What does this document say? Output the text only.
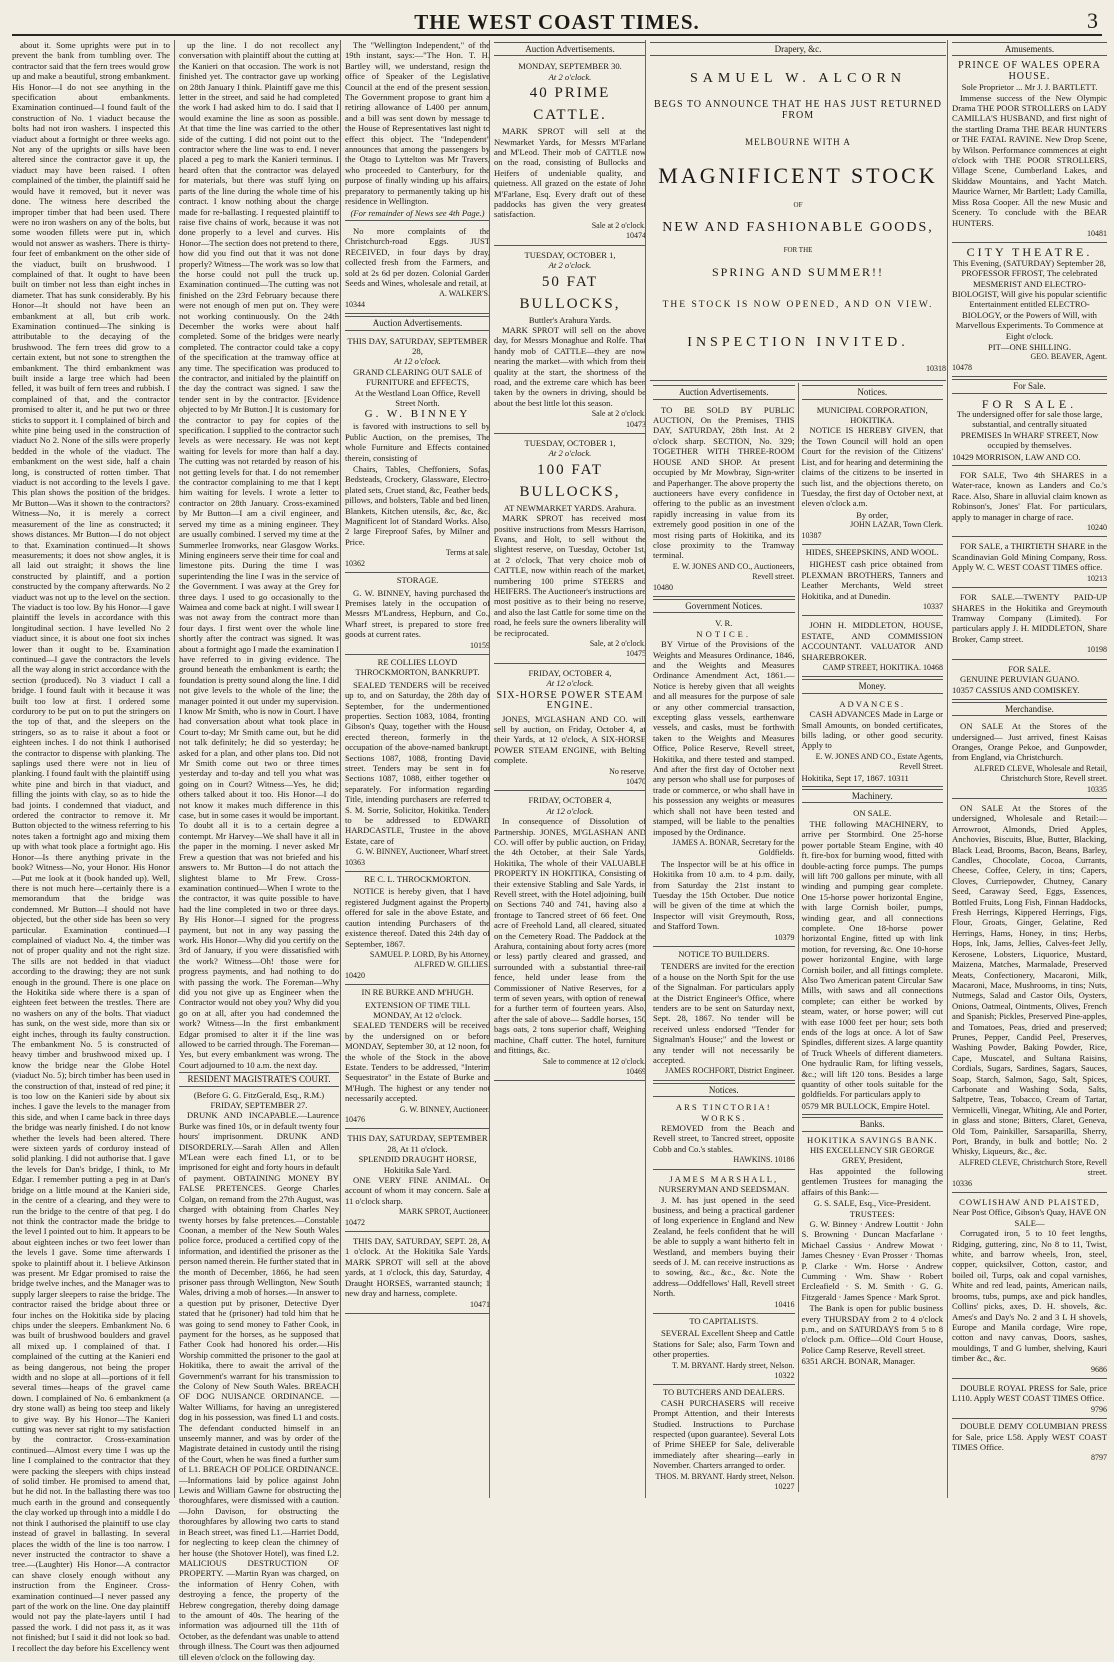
THE WEST COAST TIMES.	3

about it. Some uprights were put in to prevent the bank from tumbling over. The contractor said that the fern trees would grow up and make a beautiful, strong embankment. His Honor—I do not see anything in the specification about embankments. Examination continued—I found fault of the construction of No. 1 viaduct because the bolts had not iron washers. I inspected this viaduct about a fortnight or three weeks ago. Not any of the uprights or sills have been altered since the contractor gave it up, the viaduct may have been raised. I often complained of the timber, the plaintiff said he would have it removed, but it never was done. The witness here described the improper timber that had been used. There were no iron washers on any of the bolts, but some wooden fillets were put in, which would not answer as washers. There is thirty-four feet of embankment on the other side of the viaduct, built on brushwood. I complained of that. It ought to have been built on timber not less than eight inches in diameter. That has sunk considerably. By his Honor—It should not have been an embankment at all, but crib work. Examination continued—The sinking is attributable to the decaying of the brushwood. The fern trees did grow to a certain extent, but not sone to strengthen the embankment. The third embankment was built inside a large tree which had been felled, it was built of fern trees and rubbish. I complained of that, and the contractor promised to alter it, and he put two or three sticks to support it. I complained of birch and white pine being used in the construction of viaduct No 2. None of the sills were properly bedded in the whole of the viaduct. The embankment on the west side, half a chain long, is constructed of rotten timber. That viaduct is not according to the levels I gave. This plan shows the position of the bridges. Mr Button—Was it shown to the contractors? Witness—No, it is merely a correct measurement of the line as constructed; it shows distances. Mr Button—I do not object to that. Examination continued—It shows measurements; it does not show angles, it is all laid out straight; it shows the line constructed by plaintiff, and a portion constructed by the company afterwards. No 2 viaduct was not up to the level on the section. The viaduct is too low. By his Honor—I gave plaintiff the levels in accordance with this longitudinal section. I have levelled No 2 viaduct since, it is about one foot six inches lower than it ought to be. Examination continued—I gave the contractors the levels all the way along in strict accordance with the section (produced). No 3 viaduct I call a bridge. I found fault with it because it was built too low at first. I ordered some cordurory to be put on to put the stringers on the top of that, and the sleepers on the stringers, so as to raise it about a foot or eighteen inches. I do not think I authorised the contractor to dispense with planking. The saplings used there were not in lieu of planking. I found fault with the plaintiff using white pine and birch in that viaduct, and filling the joints with clay, so as to hide the bad joints. I condemned that viaduct, and ordered the contractor to remove it. Mr Button objected to the witness referring to his notes taken a fortnight ago and mixing them up with what took place a fortnight ago. His Honor—Is there anything private in the book? Witness—No, your Honor. His Honor—Put me look at it (book handed up). Well, there is not much here—certainly there is a memorandum that the bridge was condemned. Mr Button—I should not have objected, but the other side has been so very particular. Examination continued—I complained of viaduct No. 4, the timber was not of proper quality and not the right size. The sills are not bedded in that viaduct according to the drawing; they are not sunk enough in the ground. There is one place on the Hokitika side where there is a span of eighteen feet between the trestles. There are no washers on any of the bolts. That viaduct has sunk, on the west side, more than six or eight inches, through its faulty construction. The embankment No. 5 is constructed of heavy timber and brushwood mixed up. I know the bridge near the Globe Hotel (viaduct No. 5); birch timber has been used in the construction of that, instead of red pine; it is too low on the Kanieri side by about six inches. I gave the levels to the manager from this side, and when I came back in three days the bridge was nearly finished. I do not know whether the levels had been altered. There were sixteen yards of corduroy instead of solid planking. I did not authorise that. I gave the levels for Dan's bridge, I think, to Mr Edgar. I remember putting a peg in at Dan's bridge on a little mound at the Kanieri side, in the centre of a clearing, and they were to run the bridge to the centre of that peg. I do not think the contractor made the bridge to the level I pointed out to him. It appears to be about eighteen inches or two feet lower than the levels I gave. Some time afterwards I spoke to plaintiff about it. I believe Atkinson was present. Mr Edgar promised to raise the bridge twelve inches, and the Manager was to supply larger sleepers to raise the bridge. The contractor raised the bridge about three or four inches on the Hokitika side by placing chips under the sleepers. Embankment No. 6 was built of brushwood boulders and gravel all mixed up. I complained of that. I complained of the cutting at the Kanieri end as being dangerous, not being the proper width and no slope at all—portions of it fell several times—heaps of the gravel came down. I complained of No. 6 embankment (a dry stone wall) as being too steep and likely to give way. By his Honor—The Kanieri cutting was never sat right to my satisfaction by the contractor. Cross-examination continued—Almost every time I was up the line I complained to the contractor that they were packing the sleepers with chips instead of solid timber. He promised to amend that, but he did not. In the ballasting there was too much earth in the ground and consequently the clay worked up through into a middle I do not think I authorised the plaintiff to use clay instead of gravel in ballasting. In several places the width of the line is too narrow. I never instructed the contractor to shave a tree.—(Laughter) His Honor—A contractor can shave closely enough without any instruction from the Engineer. Cross-examination continued—I never passed any part of the work on the line. One day plaintiff would not pay the plate-layers until I had passed the work. I did not pass it, as it was not finished; but I said it did not look so bad. I recollect the day before his Excellency went

up the line. I do not recollect any conversation with plaintiff about the cutting at the Kanieri on that occasion. The work is not finished yet. The contractor gave up working on 28th January I think. Plaintiff gave me this letter in the street, and said he had completed the work I had asked him to do. I said that I would examine the line as soon as possible. At that time the line was carried to the other side of the cutting. I did not point out to the contractor where the line was to end. I never placed a peg to mark the Kanieri terminus. I heard often that the contractor was delayed for materials, but there was stuff lying on parts of the line during the whole time of his contract. I know nothing about the charge made for re-ballasting. I requested plaintiff to raise five chains of work, because it was not done properly to a level and curves. His Honor—The section does not pretend to there, how did you find out that it was not done properly? Witness—The work was so low that the horse could not pull the truck up. Examination continued—The cutting was not finished on the 23rd February because there were not enough of men put on. They were not working continuously. On the 24th December the works were about half completed. Some of the bridges were nearly completed. The contractor could take a copy of the specification at the tramway office at any time. The specification was produced to the contractor, and initialed by the plaintiff on the day the contract was signed. I saw the tender sent in by the contractor. [Evidence objected to by Mr Button.] It is customary for the contractor to pay for copies of the specification. I supplied to the contractor such levels as were necessary. He was not kept waiting for levels for more than half a day. The cutting was not retarded by reason of his not getting levels for that. I do not remember the contractor complaining to me that I kept him waiting for levels. I wrote a letter to contractor on 28th January. Cross-examined by Mr Button—I am a civil engineer, and served my time as a mining engineer. They are usually combined. I served my time at the Summerlee Ironworks, near Glasgow Works. Mining engineers serve their time for coal and limestone pits. During the time I was superintending the line I was in the service of the Government. I was away at the Grey for three days. I used to go occasionally to the Waimea and come back at night. I will swear I was not away from the contract more than four days. I first went over the whole line shortly after the contract was signed. It was about a fortnight ago I made the examination I have referred to in giving evidence. The ground beneath the embankment is earth; the foundation is pretty sound along the line. I did not give levels to the whole of the line; the manager pointed it out under my supervision. I know Mr Smith, who is now in Court. I have had conversation about what took place in Court to-day; Mr Smith came out, but he did not talk definitely; he did so yesterday; he asked for a plan, and other plans too. Did not Mr Smith come out two or three times yesterday and to-day and tell you what was going on in Court? Witness—Yes, he did; others talked about it too. His Honor—I do not know it makes much difference in this case, but in some cases it would be important. To doubt all it is to a certain degree a contempt. Mr Harvey—We shall have it all in the paper in the morning. I never asked Mr Frew a question that was not briefed and his answers to. Mr Button—I do not attach the slightest blame to Mr Frew. Cross-examination continued—When I wrote to the the contractor, it was quite possible to have had the line completed in two or three days. By His Honor—I signed for the progress payment, but not in any way passing the work. His Honor—Why did you certify on the 3rd of January, if you were dissatisfied with the work? Witness—Oh! those were for progress payments, and had nothing to do with passing the work. The Foreman—Why did you not give up as Engineer when the Contractor would not obey you? Why did you go on at all, after you had condemned the work? Witness—In the first embankment Edgar promised to alter it if the line was allowed to be carried through. The Foreman—Yes, but every embankment was wrong. The Court adjourned to 10 a.m. the next day.

RESIDENT MAGISTRATE'S COURT.
(Before G. G. FitzGerald, Esq., R.M.)
FRIDAY, SEPTEMBER 27.

DRUNK AND INCAPABLE.—Laurence Burke was fined 10s, or in default twenty four hours' imprisonment. DRUNK AND DISORDERLY.—Sarah Allen and Allen M'Lean were each fined L1, or to be imprisoned for eight and forty hours in default of payment. OBTAINING MONEY BY FALSE PRETENCES. George Charles Colgan, on remand from the 27th August, was charged with obtaining from Charles Ney twenty horses by false pretences.—Constable Coonan, a member of the New South Wales police force, produced a certified copy of the information, and identified the prisoner as the person named therein. He further stated that in the month of December, 1866, he had seen prisoner pass through Wellington, New South Wales, driving a mob of horses.—In answer to a question put by prisoner, Detective Dyer stated that he (prisoner) had told him that he was going to send money to Father Cook, in payment for the horses, as he supposed that Father Cook had honored his order.—His Worship committed the prisoner to the gaol at Hokitika, there to await the arrival of the Government's warrant for his transmission to the Colony of New South Wales. BREACH OF DOG NUISANCE ORDINANCE. —Walter Williams, for having an unregistered dog in his possession, was fined L1 and costs. The defendant conducted himself in an unseemly manner, and was by order of the Magistrate detained in custody until the rising of the Court, when he was fined a further sum of L1. BREACH OF POLICE ORDINANCE.—Informations laid by police against John Lewis and William Gawne for obstructing the thoroughfares, were dismissed with a caution.—John Davison, for obstructing the thoroughfares by allowing two carts to stand in Beach street, was fined L1.—Harriet Dodd, for neglecting to keep clean the chimney of her house (the Shotover Hotel), was fined L2. MALICIOUS DESTRUCTION OF PROPERTY. —Martin Ryan was charged, on the information of Henry Cohen, with destroying a fence, the property of the Hebrew congregation, thereby doing damage to the amount of 40s. The hearing of the information was adjourned till the 11th of October, as the defendant was unable to attend through illness. The Court was then adjourned till eleven o'clock on the following day.

The "Wellington Independent," of the 19th instant, says:—"The Hon. T. H. Bartley will, we understand, resign the office of Speaker of the Legislative Council at the end of the present session. The Government propose to grant him a retiring allowance of L400 per annum, and a bill was sent down by message to the House of Representatives last night to effect this object. The "Independent" announces that among the passengers by the Otago to Lyttelton was Mr Travers, who proceeded to Canterbury, for the purpose of finally winding up his affairs, preparatory to permanently taking up his residence in Wellington.

(For remainder of News see 4th Page.)

No more complaints of the Christchurch-road Eggs. JUST RECEIVED, in four days by dray, collected fresh from the Farmers, and sold at 2s 6d per dozen. Colonial Garden Seeds and Wines, wholesale and retail, at

A. WALKER'S.
10344
Auction Advertisements.
THIS DAY, SATURDAY, SEPTEMBER 28,
At 12 o'clock.
GRAND CLEARING OUT SALE of FURNITURE and EFFECTS,
At the Westland Loan Office, Revell Street North.
G. W. BINNEY

is favored with instructions to sell by Public Auction, on the premises, The whole Furniture and Effects contained therein, consisting of

Chairs, Tables, Cheffoniers, Sofas, Bedsteads, Crockery, Glassware, Electro-plated sets, Cruet stand, &c, Feather beds, pillows, and bolsters, Table and bed linen, Blankets, Kitchen utensils, &c, &c, &c. Magnificent lot of Standard Works. Also, 2 large Fireproof Safes, by Milner and Price.

Terms at sale.
10362
STORAGE.

G. W. BINNEY, having purchased the Premises lately in the occupation of Messrs M'Landress, Hepburn, and Co., Wharf street, is prepared to store free goods at current rates.

10159
RE COLLIES LLOYD THROCKMORTON, BANKRUPT.

SEALED TENDERS will be received up to, and on Saturday, the 28th day of September, for the undermentioned properties. Section 1083, 1084, fronting Gibson's Quay, together with the House erected thereon, formerly in the occupation of the above-named bankrupt. Sections 1087, 1088, fronting Davie street. Tenders may be sent in for Sections 1087, 1088, either together or separately. For information regarding Title, intending purchasers are referred to S. M. Sorrie, Solicitor, Hokitika. Tenders to be addressed to EDWARD HARDCASTLE, Trustee in the above Estate, care of

G. W. BINNEY, Auctioneer, Wharf street.
10363
RE C. L. THROCKMORTON.

NOTICE is hereby given, that I have registered Judgment against the Property offered for sale in the above Estate, and caution intending Purchasers of the existence thereof. Dated this 24th day of September, 1867.

SAMUEL P. LORD, By his Attorney, ALFRED W. GILLIES.
10420
IN RE BURKE AND M'HUGH.
EXTENSION OF TIME TILL MONDAY, At 12 o'clock.

SEALED TENDERS will be received by the undersigned on or before MONDAY, September 30, at 12 noon, for the whole of the Stock in the above Estate. Tenders to be addressed, "Interim Sequestrator" in the Estate of Burke and M'Hugh. The highest or any tender not necessarily accepted.

G. W. BINNEY, Auctioneer.
10476
THIS DAY, SATURDAY, SEPTEMBER 28, At 11 o'clock.
SPLENDID DRAUGHT HORSE, Hokitika Sale Yard.

ONE VERY FINE ANIMAL. On account of whom it may concern. Sale at 11 o'clock sharp.

MARK SPROT, Auctioneer.
10472

THIS DAY, SATURDAY, SEPT. 28, At 1 o'clock. At the Hokitika Sale Yards. MARK SPROT will sell at the above yards, at 1 o'clock, this day, Saturday, 4 Draught HORSES, warranted staunch; 1 new dray and harness, complete.

10471
Auction Advertisements.
MONDAY, SEPTEMBER 30.
At 2 o'clock.
40 PRIME CATTLE.

MARK SPROT will sell at the Newmarket Yards, for Messrs M'Farlane and M'Leod. Their mob of CATTLE now on the road, consisting of Bullocks and Heifers of undeniable quality, and quietness. All grazed on the estate of John M'Farlane, Esq. Every draft out of these paddocks has given the very greatest satisfaction.

Sale at 2 o'clock.
10474
TUESDAY, OCTOBER 1,
At 2 o'clock.
50 FAT BULLOCKS,
Buttler's Arahura Yards.

MARK SPROT will sell on the above day, for Messrs Monaghue and Rolfe. That handy mob of CATTLE—they are now nearing the market—with which from their quality at the start, the shortness of the road, and the extreme care which has been taken by the owners in driving, should be about the best little lot this season.

Sale at 2 o'clock.
10473
TUESDAY, OCTOBER 1,
At 2 o'clock.
100 FAT BULLOCKS,
AT NEWMARKET YARDS. Arahura.

MARK SPROT has received most positive instructions from Messrs Harrison, Evans, and Holt, to sell without the slightest reserve, on Tuesday, October 1st, at 2 o'clock, That very choice mob of CATTLE, now within reach of the market, numbering 100 prime STEERS and HEIFERS. The Auctioneer's instructions are most positive as to their being no reserve, and also the last Cattle for some time on the road, he feels sure the owners liberality will be reciprocated.

Sale, at 2 o'clock.
10475
FRIDAY, OCTOBER 4,
At 12 o'clock.
SIX-HORSE POWER STEAM ENGINE.

JONES, M'GLASHAN AND CO. will sell by auction, on Friday, October 4, at their Yards, at 12 o'clock, A SIX-HORSE POWER STEAM ENGINE, with Belting complete.

No reserve.
10470
FRIDAY, OCTOBER 4,
At 12 o'clock.

In consequence of Dissolution of Partnership. JONES, M'GLASHAN AND CO. will offer by public auction, on Friday, the 4th October, at their Sale Yards, Hokitika, The whole of their VALUABLE PROPERTY IN HOKITIKA, Consisting of their extensive Stabling and Sale Yards, in Revell street, with the Hotel adjoining, built on Sections 740 and 741, having also a frontage to Tancred street of 66 feet. One acre of Freehold Land, all cleared, situated on the Cemetery Road. The Paddock at the Arahura, containing about forty acres (more or less) partly cleared and grassed, and surrounded with a substantial three-rail fence, held under lease from the Commissioner of Native Reserves, for a term of seven years, with option of renewal for a further term of fourteen years. Also, after the sale of above— Saddle horses, 150 bags oats, 2 tons superior chaff, Weighing machine, Chaff cutter. The hotel, furniture and fittings, &c.

Sale to commence at 12 o'clock.
10469
Drapery, &c.
SAMUEL W. ALCORN
BEGS TO ANNOUNCE THAT HE HAS JUST RETURNED FROM
MELBOURNE WITH A
MAGNIFICENT STOCK
OF
NEW AND FASHIONABLE GOODS,
FOR THE
SPRING AND SUMMER!!
THE STOCK IS NOW OPENED, AND ON VIEW.
INSPECTION INVITED.
10318
Auction Advertisements.

TO BE SOLD BY PUBLIC AUCTION, On the Premises, THIS DAY, SATURDAY, 28th Inst. At 2 o'clock sharp. SECTION, No. 329; TOGETHER WITH THREE-ROOM HOUSE AND SHOP. At present occupied by Mr Mowbray, Sign-writer and Paperhanger. The above property the auctioneers have every confidence in offering to the public as an investment rapidly increasing in value from its extremely good position in one of the most rising parts of Hokitika, and its close proximity to the Tramway terminal.

E. W. JONES AND CO., Auctioneers, Revell street.
10480
Government Notices.
V. R.
NOTICE.

BY Virtue of the Provisions of the Weights and Measures Ordinance, 1846, and the Weights and Measures Ordinance Amendment Act, 1861.—Notice is hereby given that all weights and all measures for the purpose of sale or any other commercial transaction, excepting glass vessels, earthenware vessels, and casks, must be forthwith taken to the Weights and Measures Office, Police Reserve, Revell street, Hokitika, and there tested and stamped. And after the first day of October next any person who shall use for purposes of trade or commerce, or who shall have in his possession any weights or measures which shall not have been tested and stamped, will be liable to the penalties imposed by the Ordinance.

JAMES A. BONAR, Secretary for the Goldfields.

The Inspector will be at his office in Hokitika from 10 a.m. to 4 p.m. daily, from Saturday the 21st instant to Tuesday the 15th October. Due notice will be given of the time at which the Inspector will visit Greymouth, Ross, and Stafford Town.

10379
NOTICE TO BUILDERS.

TENDERS are invited for the erection of a house on the North Spit for the use of the Signalman. For particulars apply at the District Engineer's Office, where tenders are to be sent on Saturday next, Sept. 28, 1867. No tender will be received unless endorsed "Tender for Signalman's House;" and the lowest or any tender will not necessarily be accepted.

JAMES ROCHFORT, District Engineer.
Notices.
ARS TINCTORIA! WORKS.

REMOVED from the Beach and Revell street, to Tancred street, opposite Cobb and Co.'s stables.

HAWKINS. 10186
JAMES MARSHALL,
NURSERYMAN AND SEEDSMAN.

J. M. has just opened in the seed business, and being a practical gardener of long experience in England and New Zealand, he feels confident that he will be able to supply a want hitherto felt in Westland, and members buying their seeds of J. M. can receive instructions as to sowing, &c., &c., &c. Note the address—Oddfellows' Hall, Revell street North.

10416
TO CAPITALISTS.

SEVERAL Excellent Sheep and Cattle Stations for Sale; also, Farm Town and other properties.

T. M. BRYANT. Hardy street, Nelson.
10322
TO BUTCHERS AND DEALERS.

CASH PURCHASERS will receive Prompt Attention, and their Interests Studied. Instructions to Purchase respected (upon guarantee). Several Lots of Prime SHEEP for Sale, deliverable immediately after shearing—early in November. Charters arranged to order.

THOS. M. BRYANT. Hardy street, Nelson.
10227
Notices.
MUNICIPAL CORPORATION, HOKITIKA.

NOTICE IS HEREBY GIVEN, that the Town Council will hold an open Court for the revision of the Citizens' List, and for hearing and determining the claims of the citizens to be inserted in such list, and the objections thereto, on Tuesday, the first day of October next, at eleven o'clock a.m.

By order,
JOHN LAZAR, Town Clerk.
10387
HIDES, SHEEPSKINS, AND WOOL.

HIGHEST cash price obtained from PLEXMAN BROTHERS, Tanners and Leather Merchants, Weld street Hokitika, and at Dunedin.

10337

JOHN H. MIDDLETON, HOUSE, ESTATE, AND COMMISSION ACCOUNTANT. VALUATOR AND SHAREBROKER.

CAMP STREET, HOKITIKA. 10468
Money.
ADVANCES.

CASH ADVANCES Made in Large or Small Amounts, on bonded certificates, bills lading, or other good security. Apply to

E. W. JONES AND CO., Estate Agents, Revell Street.
Hokitika, Sept 17, 1867. 10311
Machinery.
ON SALE.

THE following MACHINERY, to arrive per Stormbird. One 25-horse power portable Steam Engine, with 40 ft. fire-box for burning wood, fitted with double-acting force pumps. The pumps will lift 700 gallons per minute, with all winding and pumping gear complete. One 15-horse power horizontal Engine, with large Cornish boiler, pumps, winding gear, and all connections complete. One 18-horse power horizontal Engine, fitted up with link motion, for reversing, &c. One 10-horse power horizontal Engine, with large Cornish boiler, and all fittings complete. Also Two American patent Circular Saw Mills, with saws and all connections complete; can either be worked by steam, water, or horse power; will cut with ease 1000 feet per hour; sets both ends of the logs at once. A lot of Saw Spindles, different sizes. A large quantity of Truck Wheels of different diameters. One hydraulic Ram, for lifting vessels, &c.; will lift 120 tons. Besides a large quantity of other tools suitable for the goldfields. For particulars apply to

0579 MR BULLOCK, Empire Hotel.
Banks.
HOKITIKA SAVINGS BANK.
HIS EXCELLENCY SIR GEORGE GREY, President,

Has appointed the following gentlemen Trustees for managing the affairs of this Bank:—

G. S. SALE, Esq., Vice-President.
TRUSTEES:

G. W. Binney · Andrew Louttit · John S. Browning · Duncan Macfarlane · Michael Cassius · Andrew Mowat · James Chesney · Evan Prosser · Thomas P. Clarke · Wm. Horse · Andrew Cumming · Wm. Shaw · Robert Ercleafield · S. M. Smith · G. G. Fitzgerald · James Spence · Mark Sprot.

The Bank is open for public business every THURSDAY from 2 to 4 o'clock p.m., and on SATURDAYS from 5 to 8 o'clock p.m. Office—Old Court House, Police Camp Reserve, Revell street.

6351 ARCH. BONAR, Manager.
Amusements.
PRINCE OF WALES OPERA HOUSE.
Sole Proprietor ... Mr J. J. BARTLETT.

Immense success of the New Olympic Drama THE POOR STROLLERS on LADY CAMILLA'S HUSBAND, and first night of the startling Drama THE BEAR HUNTERS or THE FATAL RAVINE. New Drop Scene, by Wilson. Performance commences at eight o'clock with THE POOR STROLLERS, Village Scene, Cumberland Lakes, and Skiddaw Mountains, and Yacht Match. Maurice Warner, Mr Bartlett; Lady Camilla, Miss Rosa Cooper. All the new Music and Scenery. To conclude with the BEAR HUNTERS.

10481
CITY THEATRE.

This Evening, (SATURDAY) September 28, PROFESSOR FFROST, The celebrated MESMERIST AND ELECTRO-BIOLOGIST, Will give his popular scientific Entertainment entitled ELECTRO-BIOLOGY, or the Powers of Will, with Marvellous Experiments. To Commence at Eight o'clock.

PIT—ONE SHILLING.
GEO. BEAVER, Agent.
10478
For Sale.
FOR SALE.

The undersigned offer for sale those large, substantial, and centrally situated PREMISES In WHARF STREET, Now occupied by themselves.

10429 MORRISON, LAW AND CO.

FOR SALE, Two 4th SHARES in a Water-race, known as Landers and Co.'s Race. Also, Share in alluvial claim known as Robinson's, Jones' Flat. For particulars, apply to manager in charge of race.

10240

FOR SALE, a THIRTIETH SHARE in the Scandinavian Gold Mining Company, Ross. Apply W. C. WEST COAST TIMES office.

10213

FOR SALE.—TWENTY PAID-UP SHARES in the Hokitika and Greymouth Tramway Company (Limited). For particulars apply J. H. MIDDLETON, Share Broker, Camp street.

10198
FOR SALE.

GENUINE PERUVIAN GUANO.

10357 CASSIUS AND COMISKEY.
Merchandise.

ON SALE At the Stores of the undersigned— Just arrived, finest Kaisas Oranges, Orange Pekoe, and Gunpowder, from England, via Christchurch.

ALFRED CLEVE, Wholesale and Retail, Christchurch Store, Revell street.
10335

ON SALE At the Stores of the undersigned, Wholesale and Retail:— Arrowroot, Almonds, Dried Apples, Anchovies, Biscuits, Blue, Butter, Blacking, Black Lead, Brooms, Bacon, Beans, Barley, Candles, Chocolate, Cocoa, Currants, Cheese, Coffee, Celery, in tins; Capers, Cloves, Curriepowder, Chutney, Canary Seed, Caraway Seed, Eggs, Essences, Bottled Fruits, Long Fish, Finnan Haddocks, Fresh Herrings, Kippered Herrings, Figs, Flour, Groats, Ginger, Gelatine, Red Herrings, Hams, Honey, in tins; Herbs, Hops, Ink, Jams, Jellies, Calves-feet Jelly, Kerosene, Lobsters, Liquorice, Mustard, Maizena, Matches, Marmalade, Preserved Meats, Confectionery, Macaroni, Milk, Macaroni, Mace, Mushrooms, in tins; Nuts, Nutmegs, Salad and Castor Oils, Oysters, Onions, Oatmeal, Ointments, Olives, French and Spanish; Pickles, Preserved Pine-apples, and Tomatoes, Peas, dried and preserved; Prunes, Pepper, Candid Peel, Preserves, Washing Powder, Baking Powder, Rice, Cape, Muscatel, and Sultana Raisins, Cordials, Sugars, Sardines, Sagars, Sauces, Soap, Starch, Salmon, Sago, Salt, Spices, Carbonate and Washing Soda, Salts, Saltpetre, Teas, Tobacco, Cream of Tartar, Vermicelli, Vinegar, Whiting, Ale and Porter, in glass and stone; Bitters, Claret, Geneva, Old Tom, Painkiller, Sarsaparilla, Sherry, Port, Brandy, in bulk and bottle; No. 2 Whisky, Liqueurs, &c., &c.

ALFRED CLEVE, Christchurch Store, Revell street.
10336
COWLISHAW AND PLAISTED,
Near Post Office, Gibson's Quay, HAVE ON SALE—

Corrugated iron, 5 to 10 feet lengths, Ridging, guttering, zinc, No 8 to 11, Twist, white, and barrow wheels, Iron, steel, copper, quicksilver, Cotton, castor, and boiled oil, Turps, oak and copal varnishes, White and red lead, paints, American nails, brooms, tubs, pumps, axe and pick handles, Collins' picks, axes, D. H. shovels, &c. Ames's and Day's No. 2 and 3 L H shovels, Europe and Manila cordage, Wire rope, cotton and navy canvas, Doors, sashes, mouldings, T and G lumber, shelving, Kauri timber &c., &c.

9686

DOUBLE ROYAL PRESS for Sale, price L110. Apply WEST COAST TIMES Office.

9796

DOUBLE DEMY COLUMBIAN PRESS for Sale, price L58. Apply WEST COAST TIMES Office.

8797
